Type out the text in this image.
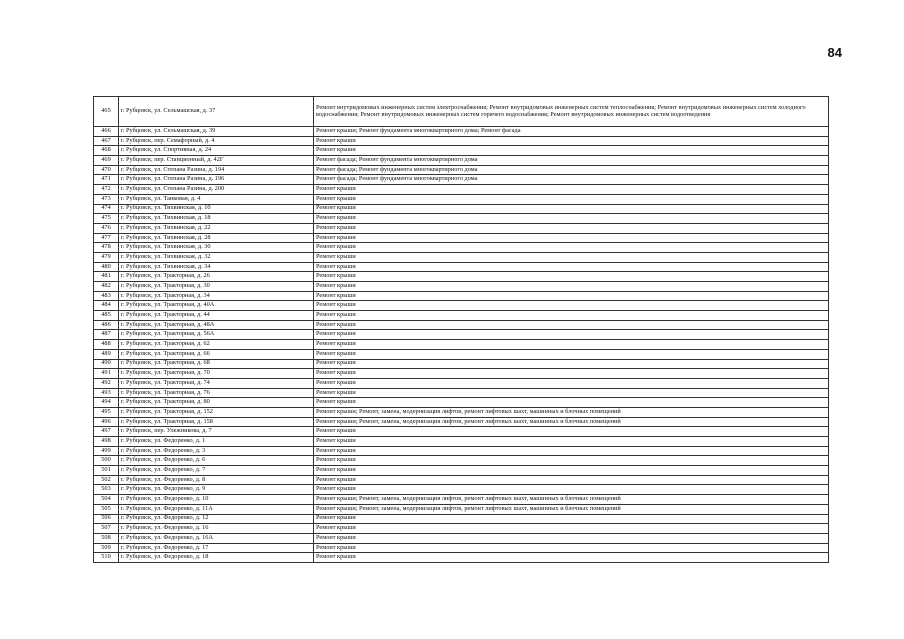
84
465	г. Рубцовск, ул. Сельмашская, д. 37	Ремонт внутридомовых инженерных систем электроснабжения; Ремонт внутридомовых инженерных систем теплоснабжения; Ремонт внутридомовых инженерных систем холодного водоснабжения; Ремонт внутридомовых инженерных систем горячего водоснабжения; Ремонт внутридомовых инженерных систем водоотведения
466	г. Рубцовск, ул. Сельмашская, д. 39	Ремонт крыши; Ремонт фундамента многоквартирного дома; Ремонт фасада
467	г. Рубцовск, пер. Семафорный, д. 4	Ремонт крыши
468	г. Рубцовск, ул. Спортивная, д. 24	Ремонт крыши
469	г. Рубцовск, пер. Станционный, д. 42Г	Ремонт фасада; Ремонт фундамента многоквартирного дома
470	г. Рубцовск, ул. Степана Разина, д. 194	Ремонт фасада; Ремонт фундамента многоквартирного дома
471	г. Рубцовск, ул. Степана Разина, д. 196	Ремонт фасада; Ремонт фундамента многоквартирного дома
472	г. Рубцовск, ул. Степана Разина, д. 200	Ремонт крыши
473	г. Рубцовск, ул. Танковая, д. 4	Ремонт крыши
474	г. Рубцовск, ул. Тихвинская, д. 10	Ремонт крыши
475	г. Рубцовск, ул. Тихвинская, д. 18	Ремонт крыши
476	г. Рубцовск, ул. Тихвинская, д. 22	Ремонт крыши
477	г. Рубцовск, ул. Тихвинская, д. 28	Ремонт крыши
478	г. Рубцовск, ул. Тихвинская, д. 30	Ремонт крыши
479	г. Рубцовск, ул. Тихвинская, д. 32	Ремонт крыши
480	г. Рубцовск, ул. Тихвинская, д. 34	Ремонт крыши
481	г. Рубцовск, ул. Тракторная, д. 26	Ремонт крыши
482	г. Рубцовск, ул. Тракторная, д. 30	Ремонт крыши
483	г. Рубцовск, ул. Тракторная, д. 34	Ремонт крыши
484	г. Рубцовск, ул. Тракторная, д. 40А	Ремонт крыши
485	г. Рубцовск, ул. Тракторная, д. 44	Ремонт крыши
486	г. Рубцовск, ул. Тракторная, д. 48А	Ремонт крыши
487	г. Рубцовск, ул. Тракторная, д. 56А	Ремонт крыши
488	г. Рубцовск, ул. Тракторная, д. 62	Ремонт крыши
489	г. Рубцовск, ул. Тракторная, д. 66	Ремонт крыши
490	г. Рубцовск, ул. Тракторная, д. 68	Ремонт крыши
491	г. Рубцовск, ул. Тракторная, д. 70	Ремонт крыши
492	г. Рубцовск, ул. Тракторная, д. 74	Ремонт крыши
493	г. Рубцовск, ул. Тракторная, д. 76	Ремонт крыши
494	г. Рубцовск, ул. Тракторная, д. 80	Ремонт крыши
495	г. Рубцовск, ул. Тракторная, д. 152	Ремонт крыши; Ремонт, замена, модернизация лифтов, ремонт лифтовых шахт, машинных и блочных помещений
496	г. Рубцовск, ул. Тракторная, д. 158	Ремонт крыши; Ремонт, замена, модернизация лифтов, ремонт лифтовых шахт, машинных и блочных помещений
497	г. Рубцовск, пер. Улежникова, д. 7	Ремонт крыши
498	г. Рубцовск, ул. Федоренко, д. 1	Ремонт крыши
499	г. Рубцовск, ул. Федоренко, д. 3	Ремонт крыши
500	г. Рубцовск, ул. Федоренко, д. 6	Ремонт крыши
501	г. Рубцовск, ул. Федоренко, д. 7	Ремонт крыши
502	г. Рубцовск, ул. Федоренко, д. 8	Ремонт крыши
503	г. Рубцовск, ул. Федоренко, д. 9	Ремонт крыши
504	г. Рубцовск, ул. Федоренко, д. 10	Ремонт крыши; Ремонт, замена, модернизация лифтов, ремонт лифтовых шахт, машинных и блочных помещений
505	г. Рубцовск, ул. Федоренко, д. 11А	Ремонт крыши; Ремонт, замена, модернизация лифтов, ремонт лифтовых шахт, машинных и блочных помещений
506	г. Рубцовск, ул. Федоренко, д. 12	Ремонт крыши
507	г. Рубцовск, ул. Федоренко, д. 16	Ремонт крыши
508	г. Рубцовск, ул. Федоренко, д. 16А	Ремонт крыши
509	г. Рубцовск, ул. Федоренко, д. 17	Ремонт крыши
510	г. Рубцовск, ул. Федоренко, д. 18	Ремонт крыши
